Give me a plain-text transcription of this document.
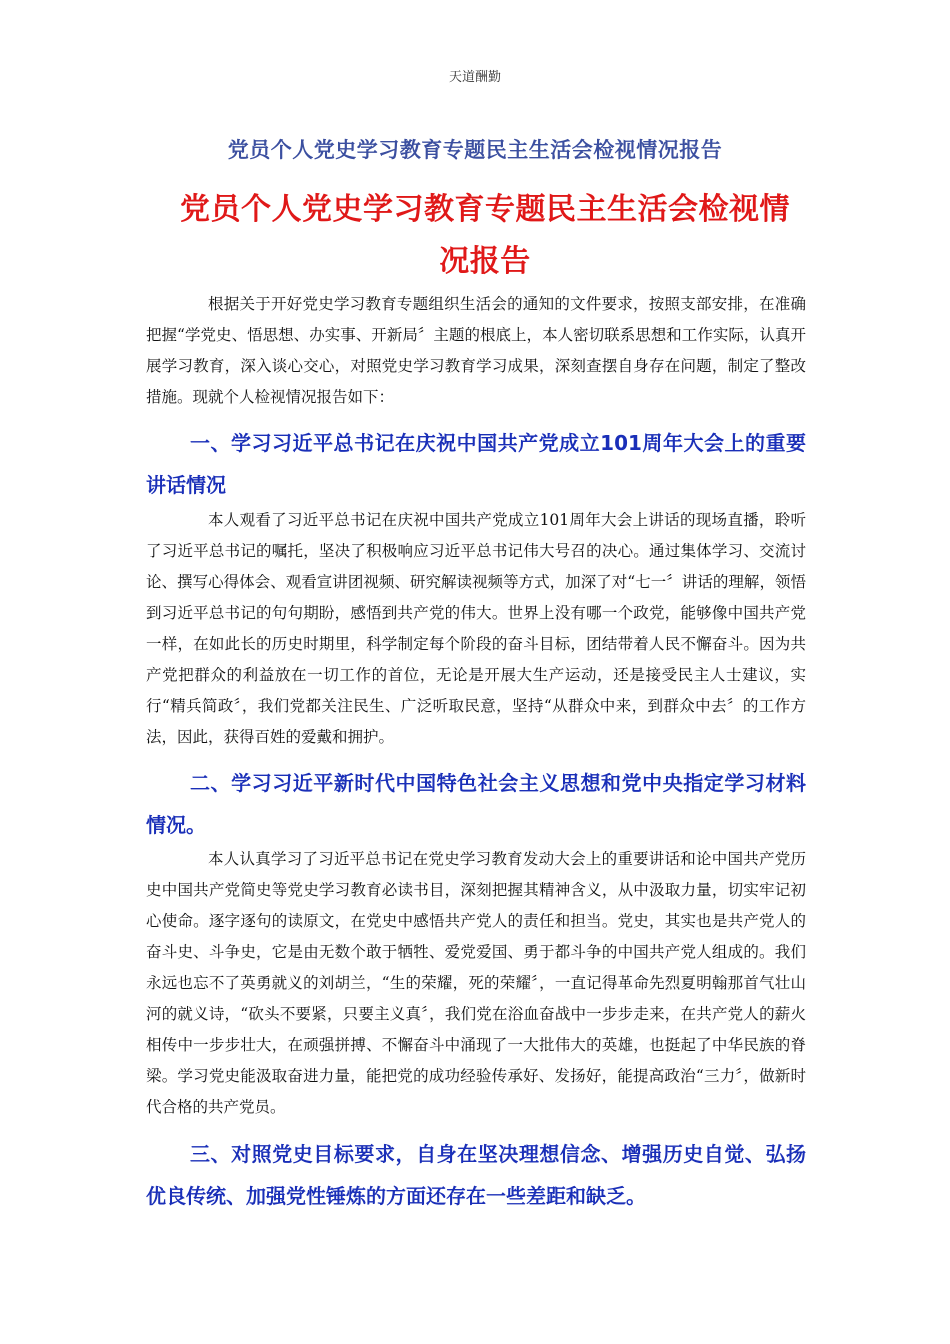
天道酬勤
党员个人党史学习教育专题民主生活会检视情况报告
党员个人党史学习教育专题民主生活会检视情况报告

根据关于开好党史学习教育专题组织生活会的通知的文件要求，按照支部安排，在准确把握“学党史、悟思想、办实事、开新局〞主题的根底上，本人密切联系思想和工作实际，认真开展学习教育，深入谈心交心，对照党史学习教育学习成果，深刻查摆自身存在问题，制定了整改措施。现就个人检视情况报告如下：

一、学习习近平总书记在庆祝中国共产党成立101周年大会上的重要讲话情况

本人观看了习近平总书记在庆祝中国共产党成立101周年大会上讲话的现场直播，聆听了习近平总书记的嘱托，坚决了积极响应习近平总书记伟大号召的决心。通过集体学习、交流讨论、撰写心得体会、观看宣讲团视频、研究解读视频等方式，加深了对“七一〞讲话的理解，领悟到习近平总书记的句句期盼，感悟到共产党的伟大。世界上没有哪一个政党，能够像中国共产党一样，在如此长的历史时期里，科学制定每个阶段的奋斗目标，团结带着人民不懈奋斗。因为共产党把群众的利益放在一切工作的首位，无论是开展大生产运动，还是接受民主人士建议，实行“精兵简政〞，我们党都关注民生、广泛听取民意，坚持“从群众中来，到群众中去〞的工作方法，因此，获得百姓的爱戴和拥护。

二、学习习近平新时代中国特色社会主义思想和党中央指定学习材料情况。

本人认真学习了习近平总书记在党史学习教育发动大会上的重要讲话和论中国共产党历史中国共产党简史等党史学习教育必读书目，深刻把握其精神含义，从中汲取力量，切实牢记初心使命。逐字逐句的读原文，在党史中感悟共产党人的责任和担当。党史，其实也是共产党人的奋斗史、斗争史，它是由无数个敢于牺牲、爱党爱国、勇于都斗争的中国共产党人组成的。我们永远也忘不了英勇就义的刘胡兰，“生的荣耀，死的荣耀〞，一直记得革命先烈夏明翰那首气壮山河的就义诗，“砍头不要紧，只要主义真〞，我们党在浴血奋战中一步步走来，在共产党人的薪火相传中一步步壮大，在顽强拼搏、不懈奋斗中涌现了一大批伟大的英雄，也挺起了中华民族的脊梁。学习党史能汲取奋进力量，能把党的成功经验传承好、发扬好，能提高政治“三力〞，做新时代合格的共产党员。

三、对照党史目标要求，自身在坚决理想信念、增强历史自觉、弘扬优良传统、加强党性锤炼的方面还存在一些差距和缺乏。
